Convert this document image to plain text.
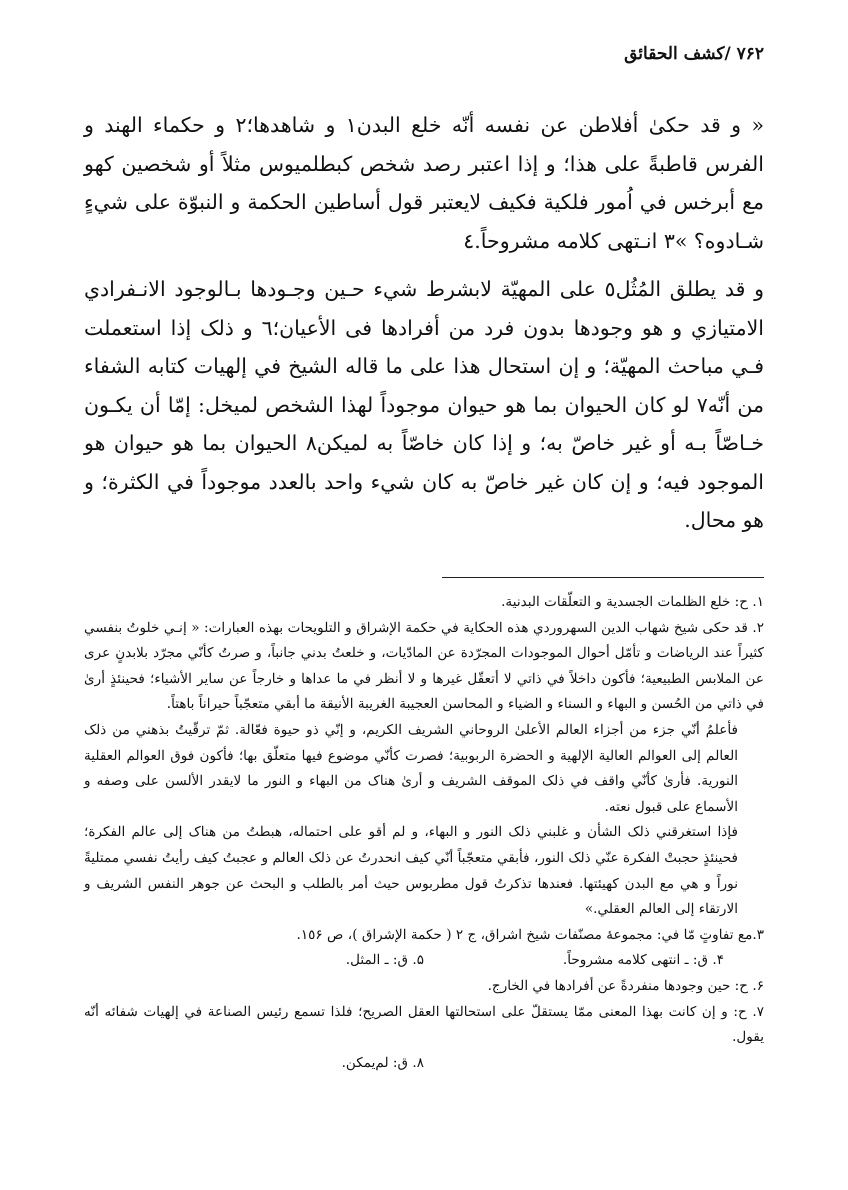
۷۶۲ /کشف الحقائق

« و قد حکیٰ أفلاطن عن نفسه أنّه خلع البدن١ و شاهدها؛٢ و حکماء الهند و الفرس قاطبةً علی هذا؛ و إذا اعتبر رصد شخص کبطلمیوس مثلاً أو شخصین کهو مع أبرخس في اُمور فلکیة فکیف لایعتبر قول أساطین الحکمة و النبوّة علی شيءٍ شـادوه؟ »٣ انـتهی کلامه مشروحاً.٤

و قد یطلق المُثُل٥ علی المهیّة لابشرط شيء حـین وجـودها بـالوجود الانـفرادي الامتیازي و هو وجودها بدون فرد من أفرادها فی الأعیان؛٦ و ذلک إذا استعملت فـي مباحث المهیّة؛ و إن استحال هذا علی ما قاله الشیخ في إلهیات کتابه الشفاء من أنّه٧ لو کان الحیوان بما هو حیوان موجوداً لهذا الشخص لمیخل: إمّا أن یکـون خـاصّاً بـه أو غیر خاصّ به؛ و إذا کان خاصّاً به لمیکن٨ الحیوان بما هو حیوان هو الموجود فیه؛ و إن کان غیر خاصّ به کان شيء واحد بالعدد موجوداً في الکثرة؛ و هو محال.

١. ح: خلع الظلمات الجسدیة و التعلّقات البدنیة.

٢. قد حکی شیخ شهاب الدین السهروردي هذه الحکایة في حکمة الإشراق و التلویحات بهذه العبارات: « إنـي خلوتُ بنفسي کثیراً عند الریاضات و تأمّل أحوال الموجودات المجرّدة عن المادّیات، و خلعتُ بدني جانباً، و صرتُ کأنّي مجرّد بلابدنٍ عری عن الملابس الطبیعیة؛ فأکون داخلاً في ذاتي لا أتعقّل غیرها و لا أنظر في ما عداها و خارجاً عن سایر الأشیاء؛ فحینئذٍ أریٰ في ذاتي من الحُسن و البهاء و السناء و الضیاء و المحاسن العجیبة الغریبة الأنیقة ما أبقي متعجّباً حیراناً باهتاً.

فأعلمُ أنّي جزء من أجزاء العالم الأعلیٰ الروحاني الشریف الکریم، و إنّي ذو حیوة فعّالة. ثمّ ترقّیتُ بذهني من ذلک العالم إلی العوالم العالیة الإلهیة و الحضرة الربوبیة؛ فصرت کأنّي موضوع فیها متعلّق بها؛ فأکون فوق العوالم العقلیة النوریة. فأریٰ کأنّي واقف في ذلک الموقف الشریف و أریٰ هناک من البهاء و النور ما لایقدر الألسن علی وصفه و الأسماع علی قبول نعته.

فإذا استغرقني ذلک الشأن و غلبني ذلک النور و البهاء، و لم أقو علی احتماله، هبطتُ من هناک إلی عالم الفکرة؛ فحینئذٍ حجبتْ الفکرة عنّي ذلک النور، فأبقي متعجّباً أنّي کیف انحدرتُ عن ذلک العالم و عجبتُ کیف رأیتُ نفسي ممتلیةً نوراً و هي مع البدن کهیئتها. فعندها تذکرتُ قول مطربوس حیث أمر بالطلب و البحث عن جوهر النفس الشریف و الارتقاء إلی العالم العقلي.»

٣.مع تفاوتٍ مّا في: مجموعهٔ مصنّفات شیخ اشراق، ج ٢ ( حکمة الإشراق )، ص ١٥۶.

۴. ق: ـ انتهی کلامه مشروحاً.
۵. ق: ـ المثل.

۶. ح: حین وجودها منفردةً عن أفرادها في الخارج.

٧. ح: و إن کانت بهذا المعنی ممّا یستقلّ علی استحالتها العقل الصریح؛ فلذا تسمع رئیس الصناعة في إلهیات شفائه أنّه یقول.

٨. ق: لم‌یمکن.
